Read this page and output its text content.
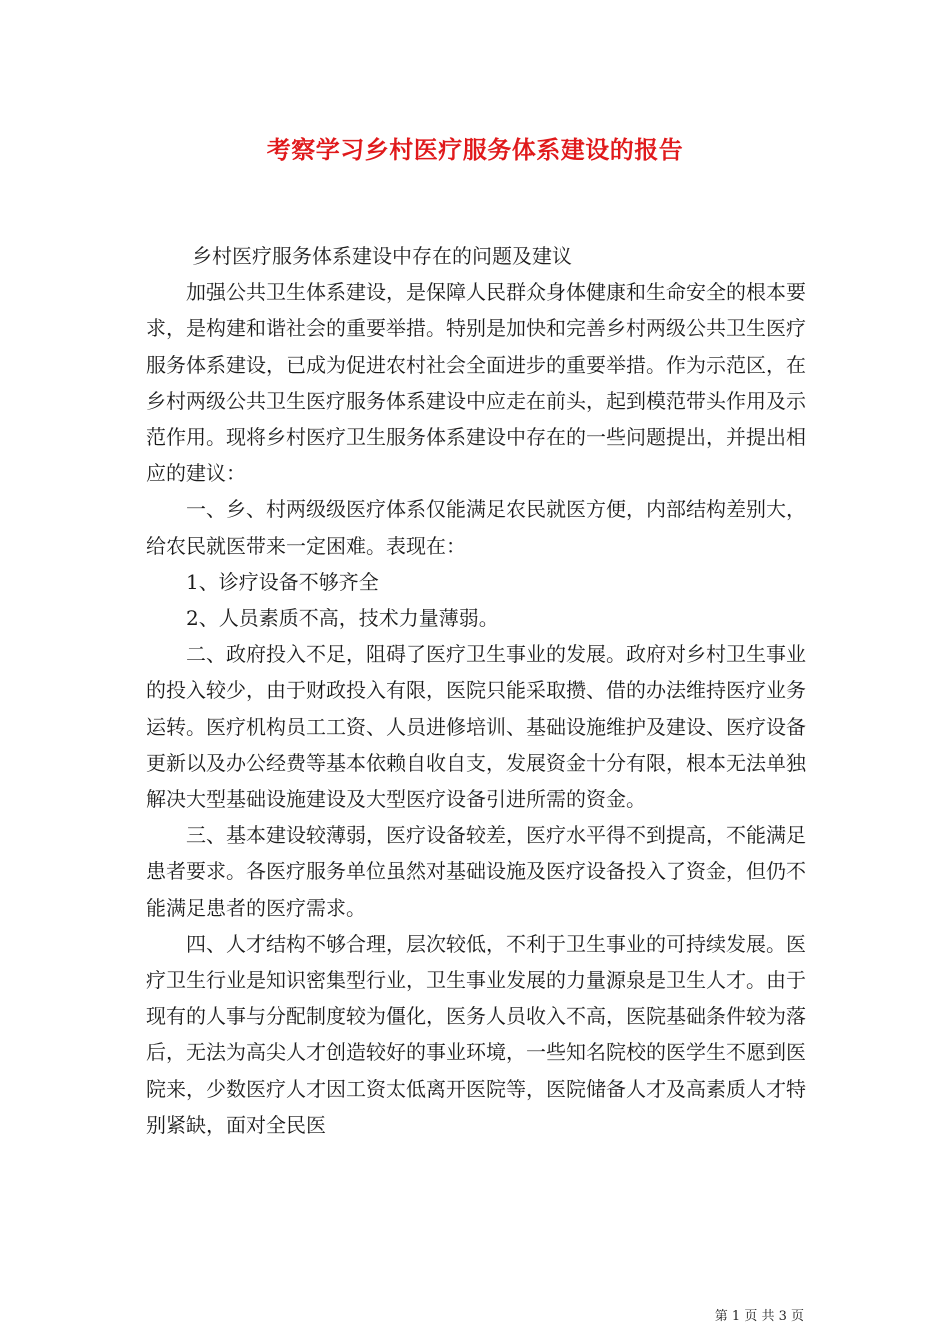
考察学习乡村医疗服务体系建设的报告

乡村医疗服务体系建设中存在的问题及建议

加强公共卫生体系建设，是保障人民群众身体健康和生命安全的根本要求，是构建和谐社会的重要举措。特别是加快和完善乡村两级公共卫生医疗服务体系建设，已成为促进农村社会全面进步的重要举措。作为示范区，在乡村两级公共卫生医疗服务体系建设中应走在前头，起到模范带头作用及示范作用。现将乡村医疗卫生服务体系建设中存在的一些问题提出，并提出相应的建议：

一、乡、村两级级医疗体系仅能满足农民就医方便，内部结构差别大，给农民就医带来一定困难。表现在：

1、诊疗设备不够齐全

2、人员素质不高，技术力量薄弱。

二、政府投入不足，阻碍了医疗卫生事业的发展。政府对乡村卫生事业的投入较少，由于财政投入有限，医院只能采取攒、借的办法维持医疗业务运转。医疗机构员工工资、人员进修培训、基础设施维护及建设、医疗设备更新以及办公经费等基本依赖自收自支，发展资金十分有限，根本无法单独解决大型基础设施建设及大型医疗设备引进所需的资金。

三、基本建设较薄弱，医疗设备较差，医疗水平得不到提高，不能满足患者要求。各医疗服务单位虽然对基础设施及医疗设备投入了资金，但仍不能满足患者的医疗需求。

四、人才结构不够合理，层次较低，不利于卫生事业的可持续发展。医疗卫生行业是知识密集型行业，卫生事业发展的力量源泉是卫生人才。由于现有的人事与分配制度较为僵化，医务人员收入不高，医院基础条件较为落后，无法为高尖人才创造较好的事业环境，一些知名院校的医学生不愿到医院来，少数医疗人才因工资太低离开医院等，医院储备人才及高素质人才特别紧缺，面对全民医

第 1 页 共 3 页
